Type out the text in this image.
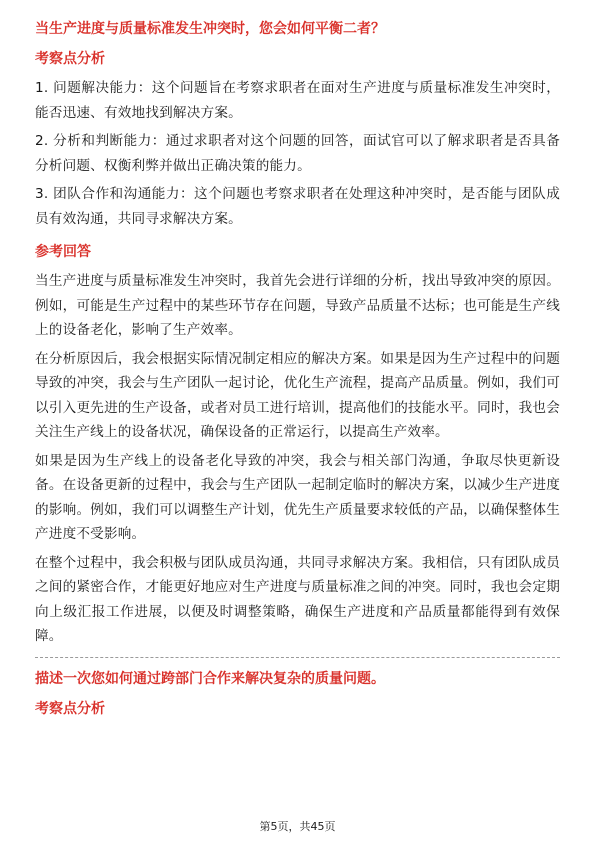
当生产进度与质量标准发生冲突时，您会如何平衡二者？
考察点分析

1. 问题解决能力：这个问题旨在考察求职者在面对生产进度与质量标准发生冲突时，能否迅速、有效地找到解决方案。

2. 分析和判断能力：通过求职者对这个问题的回答，面试官可以了解求职者是否具备分析问题、权衡利弊并做出正确决策的能力。

3. 团队合作和沟通能力：这个问题也考察求职者在处理这种冲突时，是否能与团队成员有效沟通，共同寻求解决方案。

参考回答

当生产进度与质量标准发生冲突时，我首先会进行详细的分析，找出导致冲突的原因。例如，可能是生产过程中的某些环节存在问题，导致产品质量不达标；也可能是生产线上的设备老化，影响了生产效率。

在分析原因后，我会根据实际情况制定相应的解决方案。如果是因为生产过程中的问题导致的冲突，我会与生产团队一起讨论，优化生产流程，提高产品质量。例如，我们可以引入更先进的生产设备，或者对员工进行培训，提高他们的技能水平。同时，我也会关注生产线上的设备状况，确保设备的正常运行，以提高生产效率。

如果是因为生产线上的设备老化导致的冲突，我会与相关部门沟通，争取尽快更新设备。在设备更新的过程中，我会与生产团队一起制定临时的解决方案，以减少生产进度的影响。例如，我们可以调整生产计划，优先生产质量要求较低的产品，以确保整体生产进度不受影响。

在整个过程中，我会积极与团队成员沟通，共同寻求解决方案。我相信，只有团队成员之间的紧密合作，才能更好地应对生产进度与质量标准之间的冲突。同时，我也会定期向上级汇报工作进展，以便及时调整策略，确保生产进度和产品质量都能得到有效保障。

描述一次您如何通过跨部门合作来解决复杂的质量问题。
考察点分析
第5页，共45页
